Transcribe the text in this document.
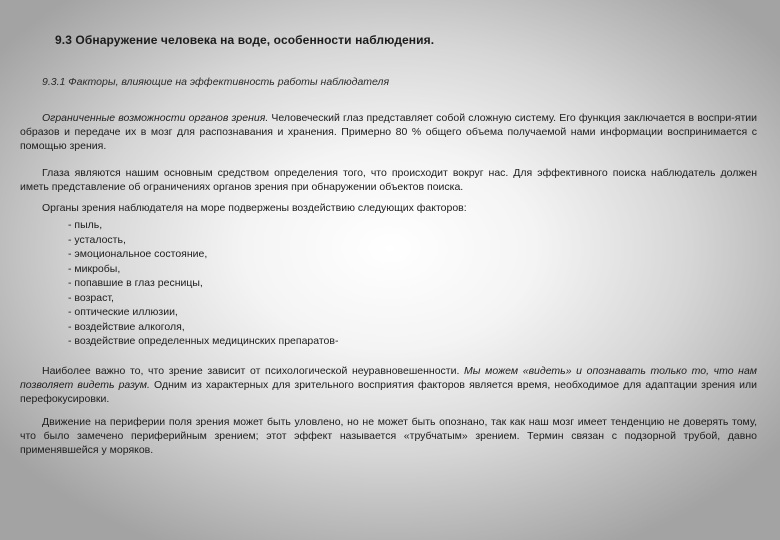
9.3 Обнаружение человека на воде, особенности наблюдения.
9.3.1 Факторы, влияющие на эффективность работы наблюдателя

Ограниченные возможности органов зрения. Человеческий глаз представляет собой сложную систему. Его функция заключается в воспри-ятии образов и передаче их в мозг для распознавания и хранения. Примерно 80 % общего объема получаемой нами информации воспринимается с помощью зрения.

Глаза являются нашим основным средством определения того, что происходит вокруг нас. Для эффективного поиска наблюдатель должен иметь представление об ограничениях органов зрения при обнаружении объектов поиска.

Органы зрения наблюдателя на море подвержены воздействию следующих факторов:

- пыль,
- усталость,
- эмоциональное состояние,
- микробы,
- попавшие в глаз ресницы,
- возраст,
- оптические иллюзии,
- воздействие алкоголя,
- воздействие определенных медицинских препаратов-

Наиболее важно то, что зрение зависит от психологической неуравновешенности. Мы можем «видеть» и опознавать только то, что нам позволяет видеть разум. Одним из характерных для зрительного восприятия факторов является время, необходимое для адаптации зрения или перефокусировки.

Движение на периферии поля зрения может быть уловлено, но не может быть опознано, так как наш мозг имеет тенденцию не доверять тому, что было замечено периферийным зрением; этот эффект называется «трубчатым» зрением. Термин связан с подзорной трубой, давно применявшейся у моряков.
